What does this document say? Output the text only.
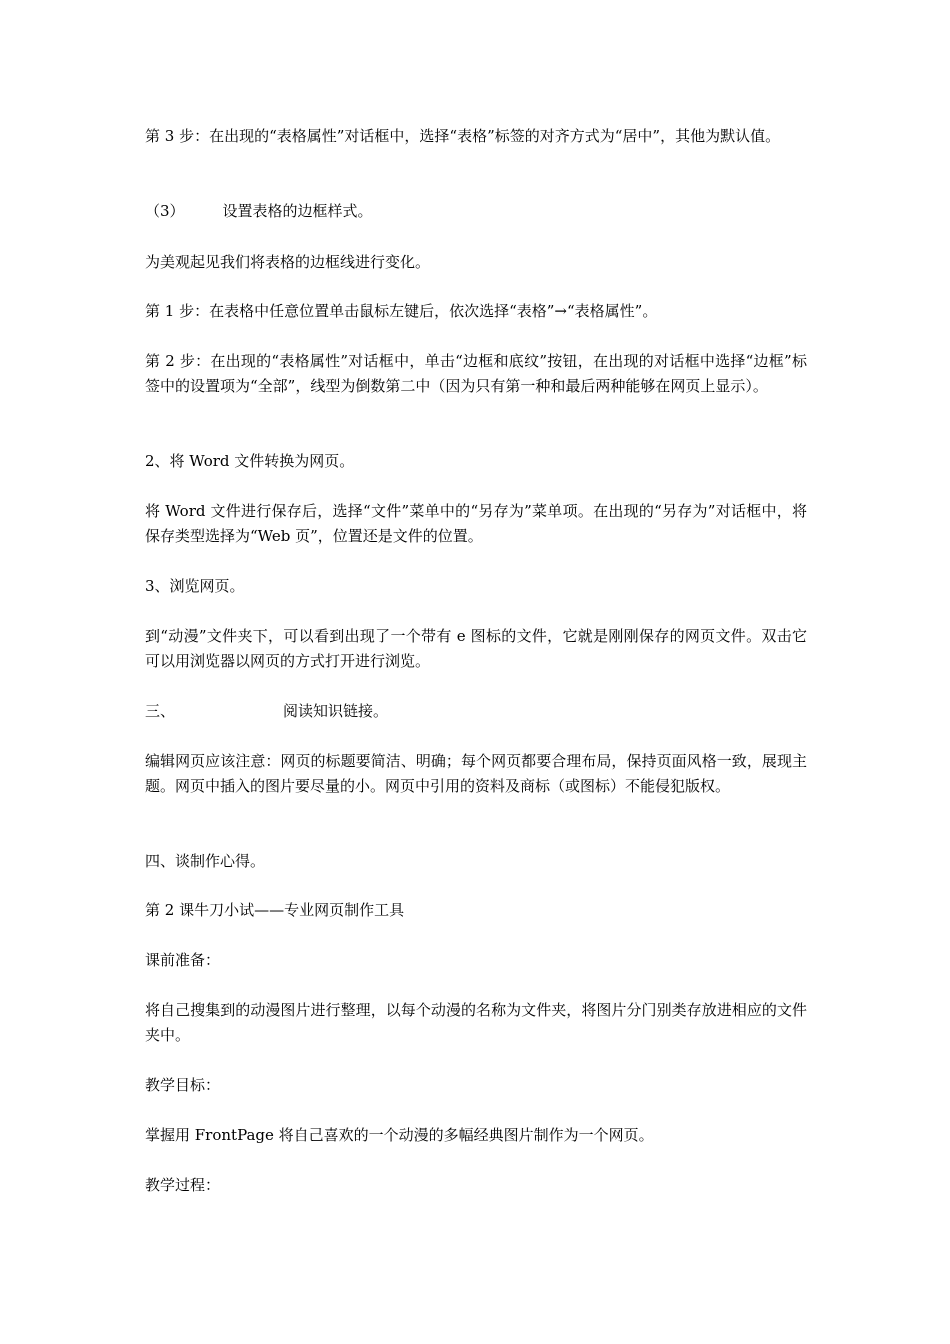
第 3 步：在出现的“表格属性”对话框中，选择“表格”标签的对齐方式为“居中”，其他为默认值。
（3）	设置表格的边框样式。
为美观起见我们将表格的边框线进行变化。
第 1 步：在表格中任意位置单击鼠标左键后，依次选择“表格”→“表格属性”。
第 2 步：在出现的“表格属性”对话框中，单击“边框和底纹”按钮，在出现的对话框中选择“边框”标签中的设置项为“全部”，线型为倒数第二中（因为只有第一种和最后两种能够在网页上显示）。
2、将 Word 文件转换为网页。
将 Word 文件进行保存后，选择“文件”菜单中的“另存为”菜单项。在出现的“另存为”对话框中，将保存类型选择为“Web 页”，位置还是文件的位置。
3、浏览网页。
到“动漫”文件夹下，可以看到出现了一个带有 e 图标的文件，它就是刚刚保存的网页文件。双击它可以用浏览器以网页的方式打开进行浏览。
三、	阅读知识链接。
编辑网页应该注意：网页的标题要简洁、明确；每个网页都要合理布局，保持页面风格一致，展现主题。网页中插入的图片要尽量的小。网页中引用的资料及商标（或图标）不能侵犯版权。
四、谈制作心得。
第 2 课牛刀小试——专业网页制作工具
课前准备：
将自己搜集到的动漫图片进行整理，以每个动漫的名称为文件夹，将图片分门别类存放进相应的文件夹中。
教学目标：
掌握用 FrontPage 将自己喜欢的一个动漫的多幅经典图片制作为一个网页。
教学过程：
